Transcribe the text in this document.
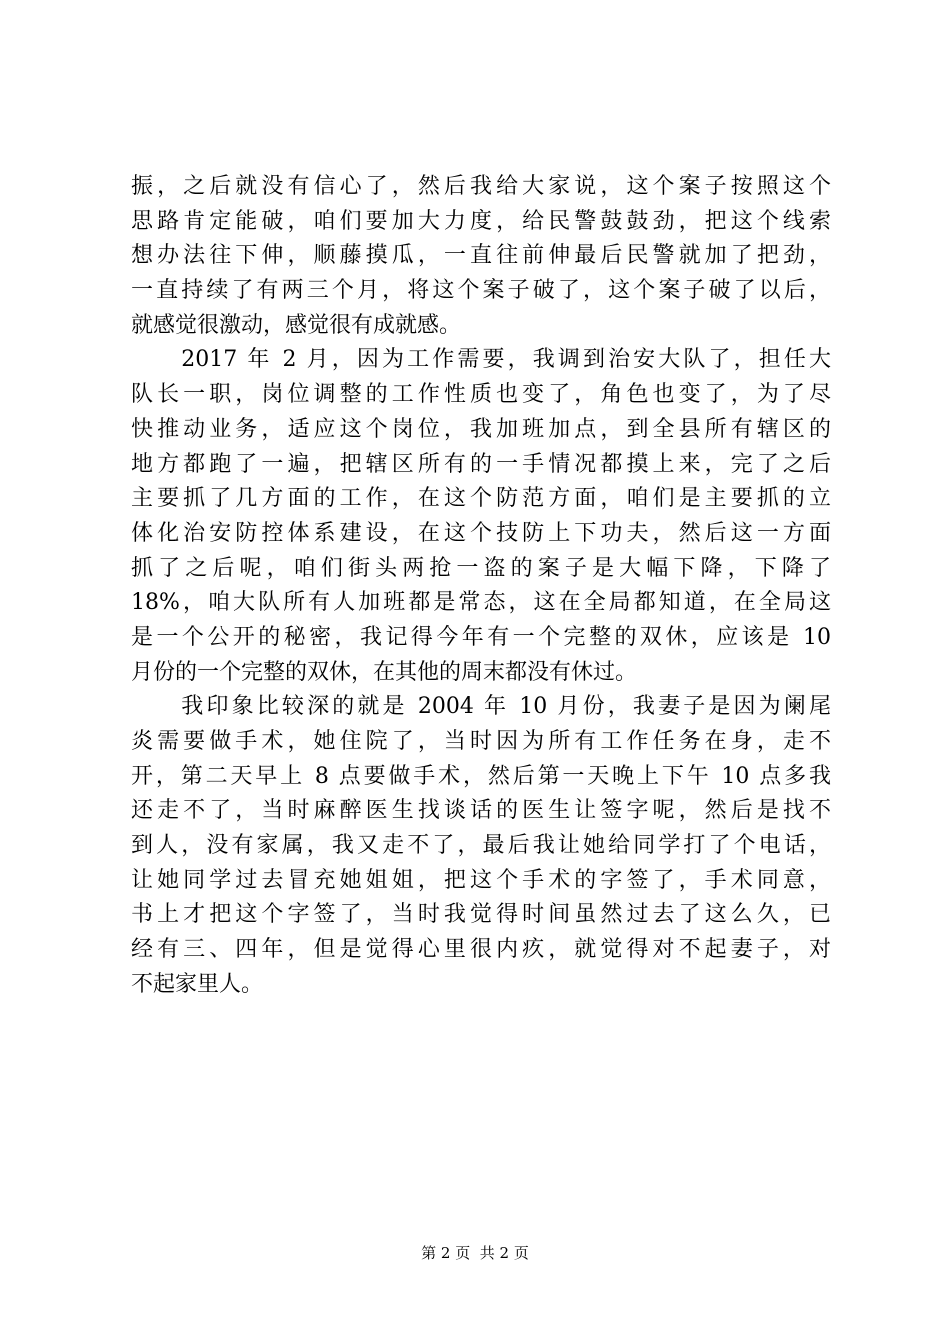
振，之后就没有信心了，然后我给大家说，这个案子按照这个
思路肯定能破，咱们要加大力度，给民警鼓鼓劲，把这个线索
想办法往下伸，顺藤摸瓜，一直往前伸最后民警就加了把劲，
一直持续了有两三个月，将这个案子破了，这个案子破了以后，
就感觉很激动，感觉很有成就感。
　　2017 年 2 月，因为工作需要，我调到治安大队了，担任大
队长一职，岗位调整的工作性质也变了，角色也变了，为了尽
快推动业务，适应这个岗位，我加班加点，到全县所有辖区的
地方都跑了一遍，把辖区所有的一手情况都摸上来，完了之后
主要抓了几方面的工作，在这个防范方面，咱们是主要抓的立
体化治安防控体系建设，在这个技防上下功夫，然后这一方面
抓了之后呢，咱们街头两抢一盗的案子是大幅下降，下降了
18%，咱大队所有人加班都是常态，这在全局都知道，在全局这
是一个公开的秘密，我记得今年有一个完整的双休，应该是 10
月份的一个完整的双休，在其他的周末都没有休过。
　　我印象比较深的就是 2004 年 10 月份，我妻子是因为阑尾
炎需要做手术，她住院了，当时因为所有工作任务在身，走不
开，第二天早上 8 点要做手术，然后第一天晚上下午 10 点多我
还走不了，当时麻醉医生找谈话的医生让签字呢，然后是找不
到人，没有家属，我又走不了，最后我让她给同学打了个电话，
让她同学过去冒充她姐姐，把这个手术的字签了，手术同意，
书上才把这个字签了，当时我觉得时间虽然过去了这么久，已
经有三、四年，但是觉得心里很内疚，就觉得对不起妻子，对
不起家里人。
第 2 页  共 2 页
